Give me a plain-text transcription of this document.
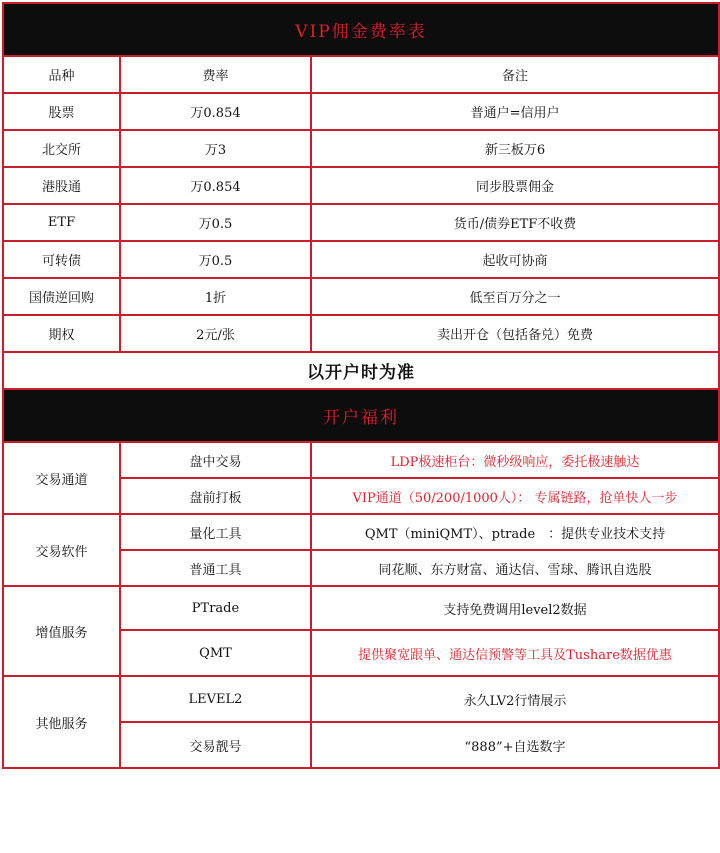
VIP佣金费率表		
品种	费率	备注
股票	万0.854	普通户=信用户
北交所	万3	新三板万6
港股通	万0.854	同步股票佣金
ETF	万0.5	货币/债券ETF不收费
可转债	万0.5	起收可协商
国债逆回购	1折	低至百万分之一
期权	2元/张	卖出开仓（包括备兑）免费
以开户时为准		
开户福利		
交易通道	盘中交易	LDP极速柜台：微秒级响应，委托极速触达
	盘前打板	VIP通道（50/200/1000人）： 专属链路，抢单快人一步
交易软件	量化工具	QMT（miniQMT）、ptrade　：提供专业技术支持
	普通工具	同花顺、东方财富、通达信、雪球、腾讯自选股
增值服务	PTrade	支持免费调用level2数据
	QMT	提供聚宽跟单、通达信预警等工具及Tushare数据优惠
其他服务	LEVEL2	永久LV2行情展示
	交易靓号	“888”+自选数字
